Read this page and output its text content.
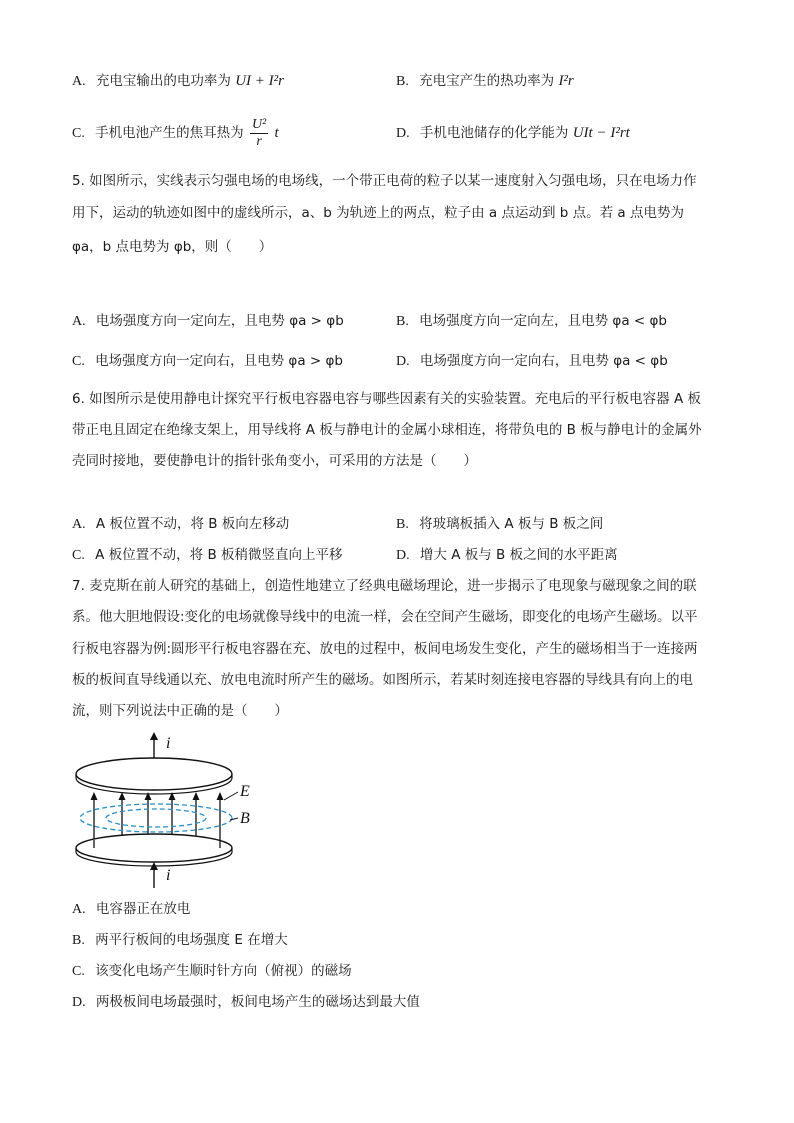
A. 充电宝输出的电功率为 UI + I²r	B. 充电宝产生的热功率为 I²r
C. 手机电池产生的焦耳热为 $\frac{\text{U²}}{r}$ t	D. 手机电池储存的化学能为 UIt − I²rt
5. 如图所示，实线表示匀强电场的电场线，一个带正电荷的粒子以某一速度射入匀强电场，只在电场力作
用下，运动的轨迹如图中的虚线所示，a、b 为轨迹上的两点，粒子由 a 点运动到 b 点。若 a 点电势为
φa，b 点电势为 φb，则（　　）
A. 电场强度方向一定向左，且电势 φa > φb	B. 电场强度方向一定向左，且电势 φa < φb
C. 电场强度方向一定向右，且电势 φa > φb	D. 电场强度方向一定向右，且电势 φa < φb
6. 如图所示是使用静电计探究平行板电容器电容与哪些因素有关的实验装置。充电后的平行板电容器 A 板
带正电且固定在绝缘支架上，用导线将 A 板与静电计的金属小球相连，将带负电的 B 板与静电计的金属外
壳同时接地，要使静电计的指针张角变小，可采用的方法是（　　）
A. A 板位置不动，将 B 板向左移动	B. 将玻璃板插入 A 板与 B 板之间
C. A 板位置不动，将 B 板稍微竖直向上平移	D. 增大 A 板与 B 板之间的水平距离
7. 麦克斯在前人研究的基础上，创造性地建立了经典电磁场理论，进一步揭示了电现象与磁现象之间的联
系。他大胆地假设:变化的电场就像导线中的电流一样，会在空间产生磁场，即变化的电场产生磁场。以平
行板电容器为例:圆形平行板电容器在充、放电的过程中，板间电场发生变化，产生的磁场相当于一连接两
板的板间直导线通以充、放电电流时所产生的磁场。如图所示，若某时刻连接电容器的导线具有向上的电
流，则下列说法中正确的是（　　）
i
E
B
i
A. 电容器正在放电
B. 两平行板间的电场强度 E 在增大
C. 该变化电场产生顺时针方向（俯视）的磁场
D. 两极板间电场最强时，板间电场产生的磁场达到最大值
